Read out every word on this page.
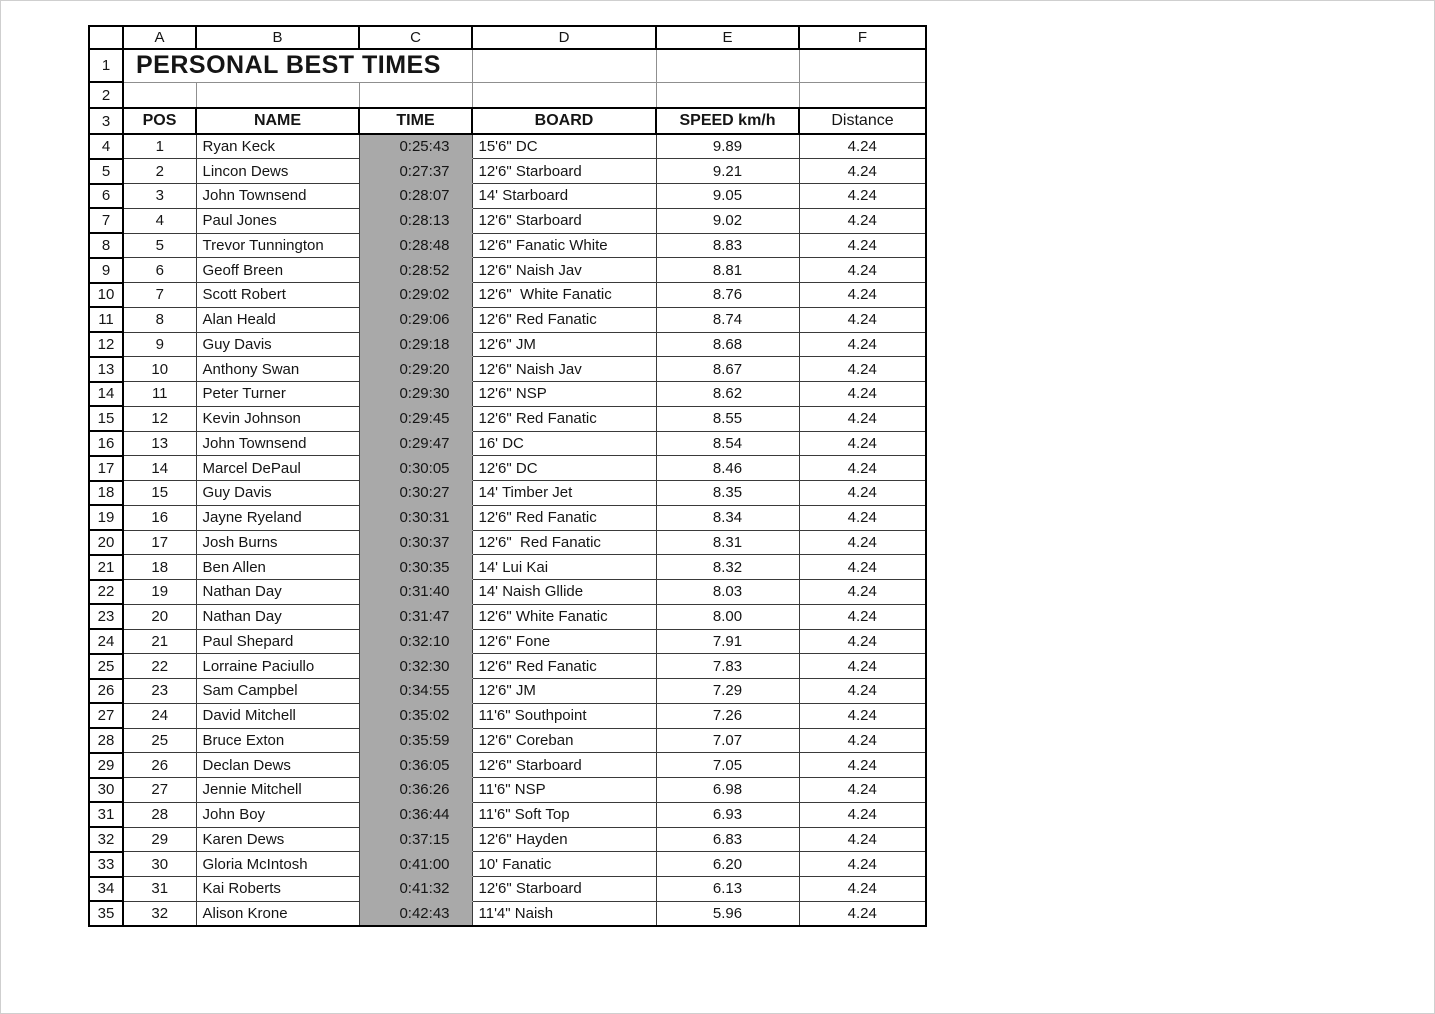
	A	B	C	D	E	F
1	PERSONAL BEST TIMES					
2						
3	POS	NAME	TIME	BOARD	SPEED km/h	Distance
4	1	Ryan Keck	0:25:43	15'6" DC	9.89	4.24
5	2	Lincon Dews	0:27:37	12'6" Starboard	9.21	4.24
6	3	John Townsend	0:28:07	14' Starboard	9.05	4.24
7	4	Paul Jones	0:28:13	12'6" Starboard	9.02	4.24
8	5	Trevor Tunnington	0:28:48	12'6" Fanatic White	8.83	4.24
9	6	Geoff Breen	0:28:52	12'6" Naish Jav	8.81	4.24
10	7	Scott Robert	0:29:02	12'6"  White Fanatic	8.76	4.24
11	8	Alan Heald	0:29:06	12'6" Red Fanatic	8.74	4.24
12	9	Guy Davis	0:29:18	12'6" JM	8.68	4.24
13	10	Anthony Swan	0:29:20	12'6" Naish Jav	8.67	4.24
14	11	Peter Turner	0:29:30	12'6" NSP	8.62	4.24
15	12	Kevin Johnson	0:29:45	12'6" Red Fanatic	8.55	4.24
16	13	John Townsend	0:29:47	16' DC	8.54	4.24
17	14	Marcel DePaul	0:30:05	12'6" DC	8.46	4.24
18	15	Guy Davis	0:30:27	14' Timber Jet	8.35	4.24
19	16	Jayne Ryeland	0:30:31	12'6" Red Fanatic	8.34	4.24
20	17	Josh Burns	0:30:37	12'6"  Red Fanatic	8.31	4.24
21	18	Ben Allen	0:30:35	14' Lui Kai	8.32	4.24
22	19	Nathan Day	0:31:40	14' Naish Gllide	8.03	4.24
23	20	Nathan Day	0:31:47	12'6" White Fanatic	8.00	4.24
24	21	Paul Shepard	0:32:10	12'6" Fone	7.91	4.24
25	22	Lorraine Paciullo	0:32:30	12'6" Red Fanatic	7.83	4.24
26	23	Sam Campbel	0:34:55	12'6" JM	7.29	4.24
27	24	David Mitchell	0:35:02	11'6" Southpoint	7.26	4.24
28	25	Bruce Exton	0:35:59	12'6" Coreban	7.07	4.24
29	26	Declan Dews	0:36:05	12'6" Starboard	7.05	4.24
30	27	Jennie Mitchell	0:36:26	11'6" NSP	6.98	4.24
31	28	John Boy	0:36:44	11'6" Soft Top	6.93	4.24
32	29	Karen Dews	0:37:15	12'6" Hayden	6.83	4.24
33	30	Gloria McIntosh	0:41:00	10' Fanatic	6.20	4.24
34	31	Kai Roberts	0:41:32	12'6" Starboard	6.13	4.24
35	32	Alison Krone	0:42:43	11'4" Naish	5.96	4.24
